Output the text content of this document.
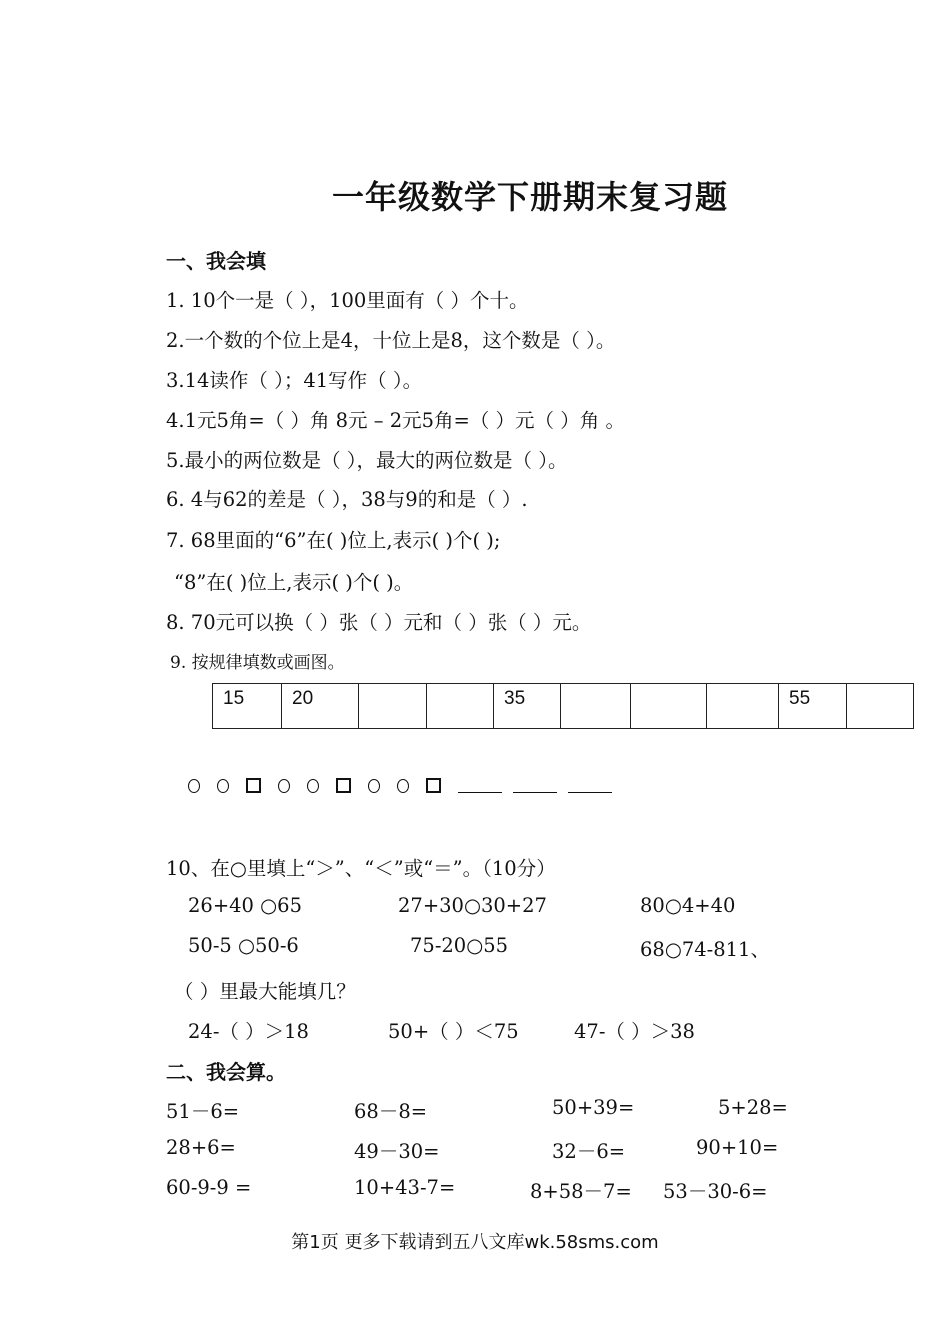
一年级数学下册期末复习题
一、我会填
1. 10个一是（ ），100里面有（ ）个十。
2.一个数的个位上是4，十位上是8，这个数是（ ）。
3.14读作（ ）；41写作（ ）。
4.1元5角=（ ）角 8元 – 2元5角=（ ）元（ ）角 。
5.最小的两位数是（ ），最大的两位数是（ ）。
6. 4与62的差是（ ），38与9的和是（ ）.
7. 68里面的“6”在( )位上,表示( )个( );
“8”在( )位上,表示( )个( )。
8. 70元可以换（ ）张（ ）元和（ ）张（ ）元。
9. 按规律填数或画图。
15	20			35				55	
10、在○里填上“＞”、“＜”或“＝”。（10分）
26+40 ○65	27+30○30+27	80○4+40
50-5 ○50-6	75-20○55	68○74-811、
（ ）里最大能填几？
24-（ ）＞18	50+（ ）＜75	47-（ ）＞38
二、我会算。
51－6=	68－8=	50+39=	5+28=
28+6=	49－30=	32－6=	90+10=
60-9-9 =	10+43-7=	8+58－7= 53－30-6=
第1页 更多下载请到五八文库wk.58sms.com
